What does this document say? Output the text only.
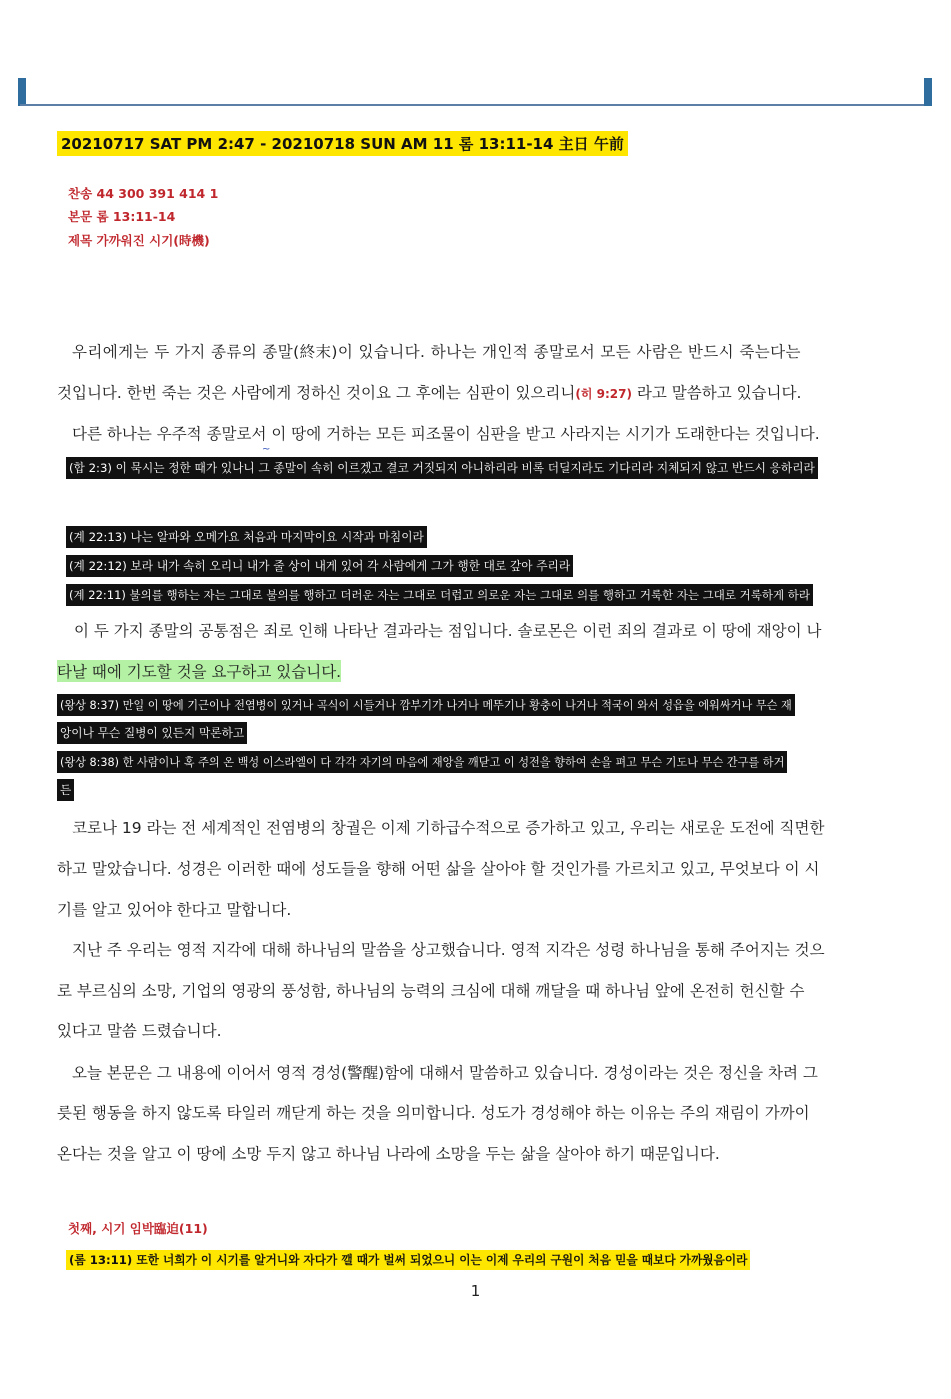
20210717 SAT PM 2:47 - 20210718 SUN AM 11 롬 13:11-14 主日 午前
찬송 44 300 391 414 1
본문 롬 13:11-14
제목 가까워진 시기(時機)
우리에게는 두 가지 종류의 종말(終末)이 있습니다. 하나는 개인적 종말로서 모든 사람은 반드시 죽는다는
것입니다. 한번 죽는 것은 사람에게 정하신 것이요 그 후에는 심판이 있으리니(히 9:27) 라고 말씀하고 있습니다.
다른 하나는 우주적 종말로서 이 땅에 거하는 모든 피조물이 심판을 받고 사라지는 시기가 도래한다는 것입니다.
(합 2:3) 이 묵시는 정한 때가 있나니 그 종말이 속히 이르겠고 결코 거짓되지 아니하리라 비록 더딜지라도 기다리라 지체되지 않고 반드시 응하리라
~
(계 22:13) 나는 알파와 오메가요 처음과 마지막이요 시작과 마침이라
(계 22:12) 보라 내가 속히 오리니 내가 줄 상이 내게 있어 각 사람에게 그가 행한 대로 갚아 주리라
(계 22:11) 불의를 행하는 자는 그대로 불의를 행하고 더러운 자는 그대로 더럽고 의로운 자는 그대로 의를 행하고 거룩한 자는 그대로 거룩하게 하라
이 두 가지 종말의 공통점은 죄로 인해 나타난 결과라는 점입니다. 솔로몬은 이런 죄의 결과로 이 땅에 재앙이 나
타날 때에 기도할 것을 요구하고 있습니다.
(왕상 8:37) 만일 이 땅에 기근이나 전염병이 있거나 곡식이 시들거나 깜부기가 나거나 메뚜기나 황충이 나거나 적국이 와서 성읍을 에워싸거나 무슨 재
앙이나 무슨 질병이 있든지 막론하고
(왕상 8:38) 한 사람이나 혹 주의 온 백성 이스라엘이 다 각각 자기의 마음에 재앙을 깨닫고 이 성전을 향하여 손을 펴고 무슨 기도나 무슨 간구를 하거
든
코로나 19 라는 전 세계적인 전염병의 창궐은 이제 기하급수적으로 증가하고 있고, 우리는 새로운 도전에 직면한
하고 말았습니다. 성경은 이러한 때에 성도들을 향해 어떤 삶을 살아야 할 것인가를 가르치고 있고, 무엇보다 이 시
기를 알고 있어야 한다고 말합니다.
지난 주 우리는 영적 지각에 대해 하나님의 말씀을 상고했습니다. 영적 지각은 성령 하나님을 통해 주어지는 것으
로 부르심의 소망, 기업의 영광의 풍성함, 하나님의 능력의 크심에 대해 깨달을 때 하나님 앞에 온전히 헌신할 수
있다고 말씀 드렸습니다.
오늘 본문은 그 내용에 이어서 영적 경성(警醒)함에 대해서 말씀하고 있습니다. 경성이라는 것은 정신을 차려 그
릇된 행동을 하지 않도록 타일러 깨닫게 하는 것을 의미합니다. 성도가 경성해야 하는 이유는 주의 재림이 가까이
온다는 것을 알고 이 땅에 소망 두지 않고 하나님 나라에 소망을 두는 삶을 살아야 하기 때문입니다.
첫째, 시기 임박臨迫(11)
(롬 13:11) 또한 너희가 이 시기를 알거니와 자다가 깰 때가 벌써 되었으니 이는 이제 우리의 구원이 처음 믿을 때보다 가까웠음이라
1
